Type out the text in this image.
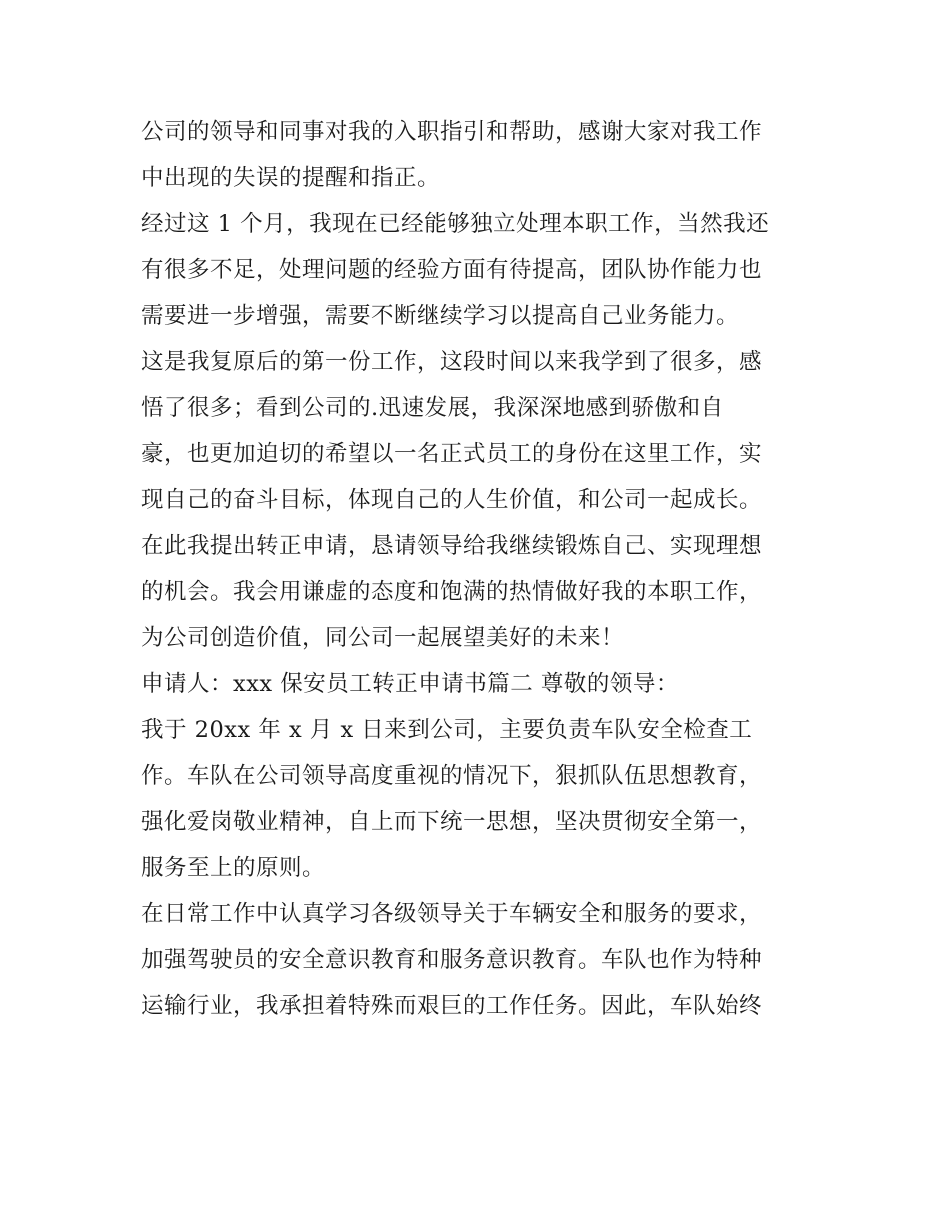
公司的领导和同事对我的入职指引和帮助，感谢大家对我工作

中出现的失误的提醒和指正。

经过这 1 个月，我现在已经能够独立处理本职工作，当然我还

有很多不足，处理问题的经验方面有待提高，团队协作能力也

需要进一步增强，需要不断继续学习以提高自己业务能力。

这是我复原后的第一份工作，这段时间以来我学到了很多，感

悟了很多；看到公司的.迅速发展，我深深地感到骄傲和自

豪，也更加迫切的希望以一名正式员工的身份在这里工作，实

现自己的奋斗目标，体现自己的人生价值，和公司一起成长。

在此我提出转正申请，恳请领导给我继续锻炼自己、实现理想

的机会。我会用谦虚的态度和饱满的热情做好我的本职工作，

为公司创造价值，同公司一起展望美好的未来！

申请人：xxx 保安员工转正申请书篇二 尊敬的领导：

我于 20xx 年 x 月 x 日来到公司，主要负责车队安全检查工

作。车队在公司领导高度重视的情况下，狠抓队伍思想教育，

强化爱岗敬业精神，自上而下统一思想，坚决贯彻安全第一，

服务至上的原则。

在日常工作中认真学习各级领导关于车辆安全和服务的要求，

加强驾驶员的安全意识教育和服务意识教育。车队也作为特种

运输行业，我承担着特殊而艰巨的工作任务。因此，车队始终
